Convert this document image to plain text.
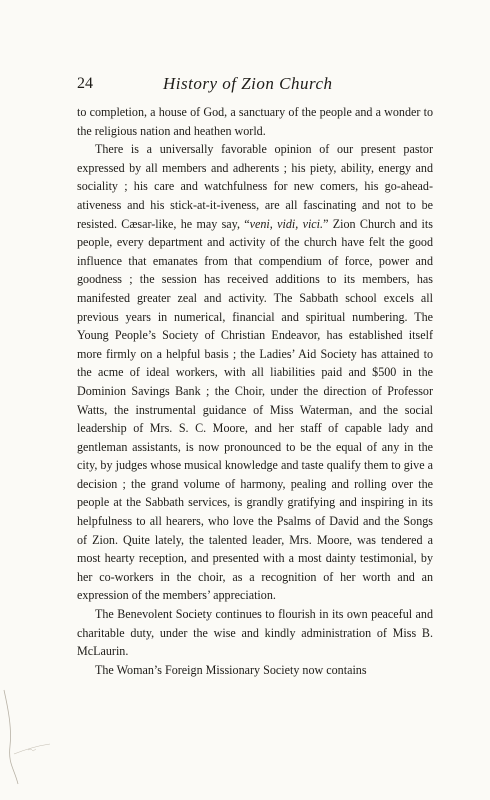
24	History of Zion Church

to completion, a house of God, a sanctuary of the people and a wonder to the religious nation and heathen world.

There is a universally favorable opinion of our present pastor expressed by all members and adherents ; his piety, ability, energy and sociality ; his care and watchfulness for new comers, his go-ahead-ativeness and his stick-at-it-iveness, are all fascinating and not to be resisted. Cæsar-like, he may say, “veni, vidi, vici.” Zion Church and its people, every department and activity of the church have felt the good influence that emanates from that compendium of force, power and goodness ; the session has received additions to its members, has manifested greater zeal and activity. The Sabbath school excels all previous years in numerical, financial and spiritual numbering. The Young People’s Society of Christian Endeavor, has established itself more firmly on a helpful basis ; the Ladies’ Aid Society has attained to the acme of ideal workers, with all liabilities paid and $500 in the Dominion Savings Bank ; the Choir, under the direction of Professor Watts, the instrumental guidance of Miss Waterman, and the social leadership of Mrs. S. C. Moore, and her staff of capable lady and gentleman assistants, is now pronounced to be the equal of any in the city, by judges whose musical knowledge and taste qualify them to give a decision ; the grand volume of harmony, pealing and rolling over the people at the Sabbath services, is grandly gratifying and inspiring in its helpfulness to all hearers, who love the Psalms of David and the Songs of Zion. Quite lately, the talented leader, Mrs. Moore, was tendered a most hearty reception, and presented with a most dainty testimonial, by her co-workers in the choir, as a recognition of her worth and an expression of the members’ appreciation.

The Benevolent Society continues to flourish in its own peaceful and charitable duty, under the wise and kindly administration of Miss B. McLaurin.

The Woman’s Foreign Missionary Society now contains
